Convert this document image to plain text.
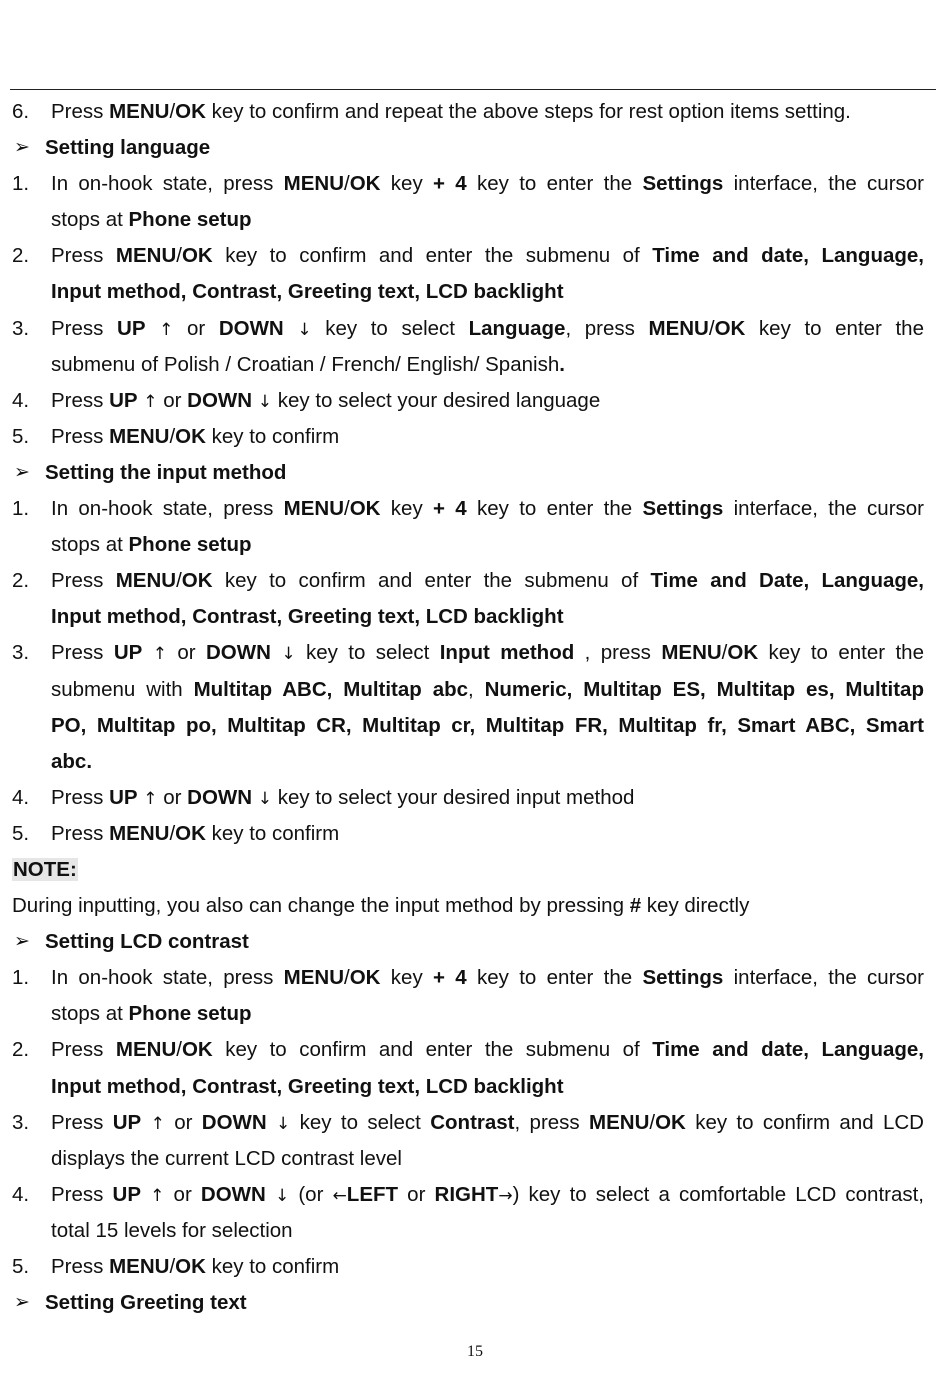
6. Press MENU/OK key to confirm and repeat the above steps for rest option items setting.
➢ Setting language
1. In on-hook state, press MENU/OK key + 4 key to enter the Settings interface, the cursor
stops at Phone setup
2. Press MENU/OK key to confirm and enter the submenu of Time and date, Language,
Input method, Contrast, Greeting text, LCD backlight
3. Press UP ↑ or DOWN ↓ key to select Language, press MENU/OK key to enter the
submenu of Polish / Croatian / French/ English/ Spanish.
4. Press UP ↑ or DOWN ↓ key to select your desired language
5. Press MENU/OK key to confirm
➢ Setting the input method
1. In on-hook state, press MENU/OK key + 4 key to enter the Settings interface, the cursor
stops at Phone setup
2. Press MENU/OK key to confirm and enter the submenu of Time and Date, Language,
Input method, Contrast, Greeting text, LCD backlight
3. Press UP ↑ or DOWN ↓ key to select Input method , press MENU/OK key to enter the
submenu with Multitap ABC, Multitap abc, Numeric, Multitap ES, Multitap es, Multitap
PO, Multitap po, Multitap CR, Multitap cr, Multitap FR, Multitap fr, Smart ABC, Smart
abc.
4. Press UP ↑ or DOWN ↓ key to select your desired input method
5. Press MENU/OK key to confirm
NOTE:
During inputting, you also can change the input method by pressing # key directly
➢ Setting LCD contrast
1. In on-hook state, press MENU/OK key + 4 key to enter the Settings interface, the cursor
stops at Phone setup
2. Press MENU/OK key to confirm and enter the submenu of Time and date, Language,
Input method, Contrast, Greeting text, LCD backlight
3. Press UP ↑ or DOWN ↓ key to select Contrast, press MENU/OK key to confirm and LCD
displays the current LCD contrast level
4. Press UP ↑ or DOWN ↓ (or ←LEFT or RIGHT→) key to select a comfortable LCD contrast,
total 15 levels for selection
5. Press MENU/OK key to confirm
➢ Setting Greeting text
15
